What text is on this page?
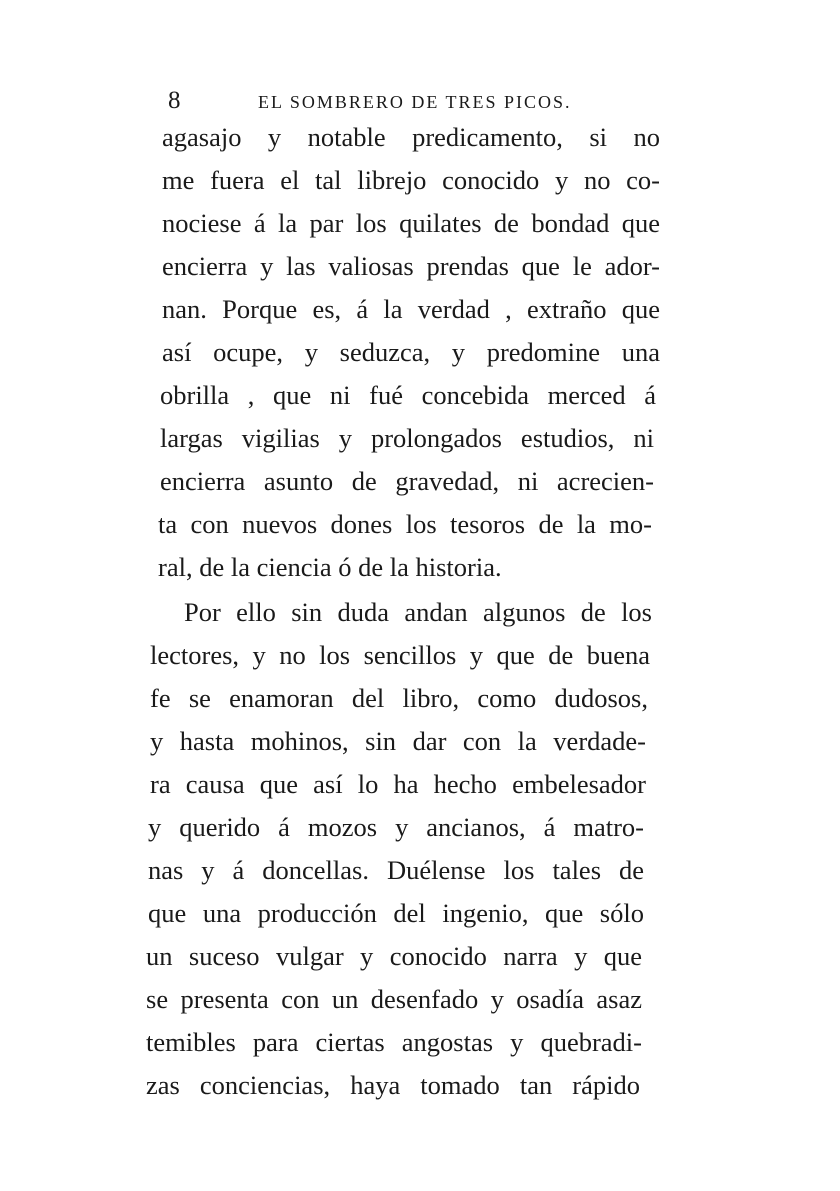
8	EL SOMBRERO DE TRES PICOS.
agasajo y notable predicamento, si no
me fuera el tal librejo conocido y no co-
nociese á la par los quilates de bondad que
encierra y las valiosas prendas que le ador-
nan. Porque es, á la verdad , extraño que
así ocupe, y seduzca, y predomine una
obrilla , que ni fué concebida merced á
largas vigilias y prolongados estudios, ni
encierra asunto de gravedad, ni acrecien-
ta con nuevos dones los tesoros de la mo-
ral, de la ciencia ó de la historia.
Por ello sin duda andan algunos de los
lectores, y no los sencillos y que de buena
fe se enamoran del libro, como dudosos,
y hasta mohinos, sin dar con la verdade-
ra causa que así lo ha hecho embelesador
y querido á mozos y ancianos, á matro-
nas y á doncellas. Duélense los tales de
que una producción del ingenio, que sólo
un suceso vulgar y conocido narra y que
se presenta con un desenfado y osadía asaz
temibles para ciertas angostas y quebradi-
zas conciencias, haya tomado tan rápido
